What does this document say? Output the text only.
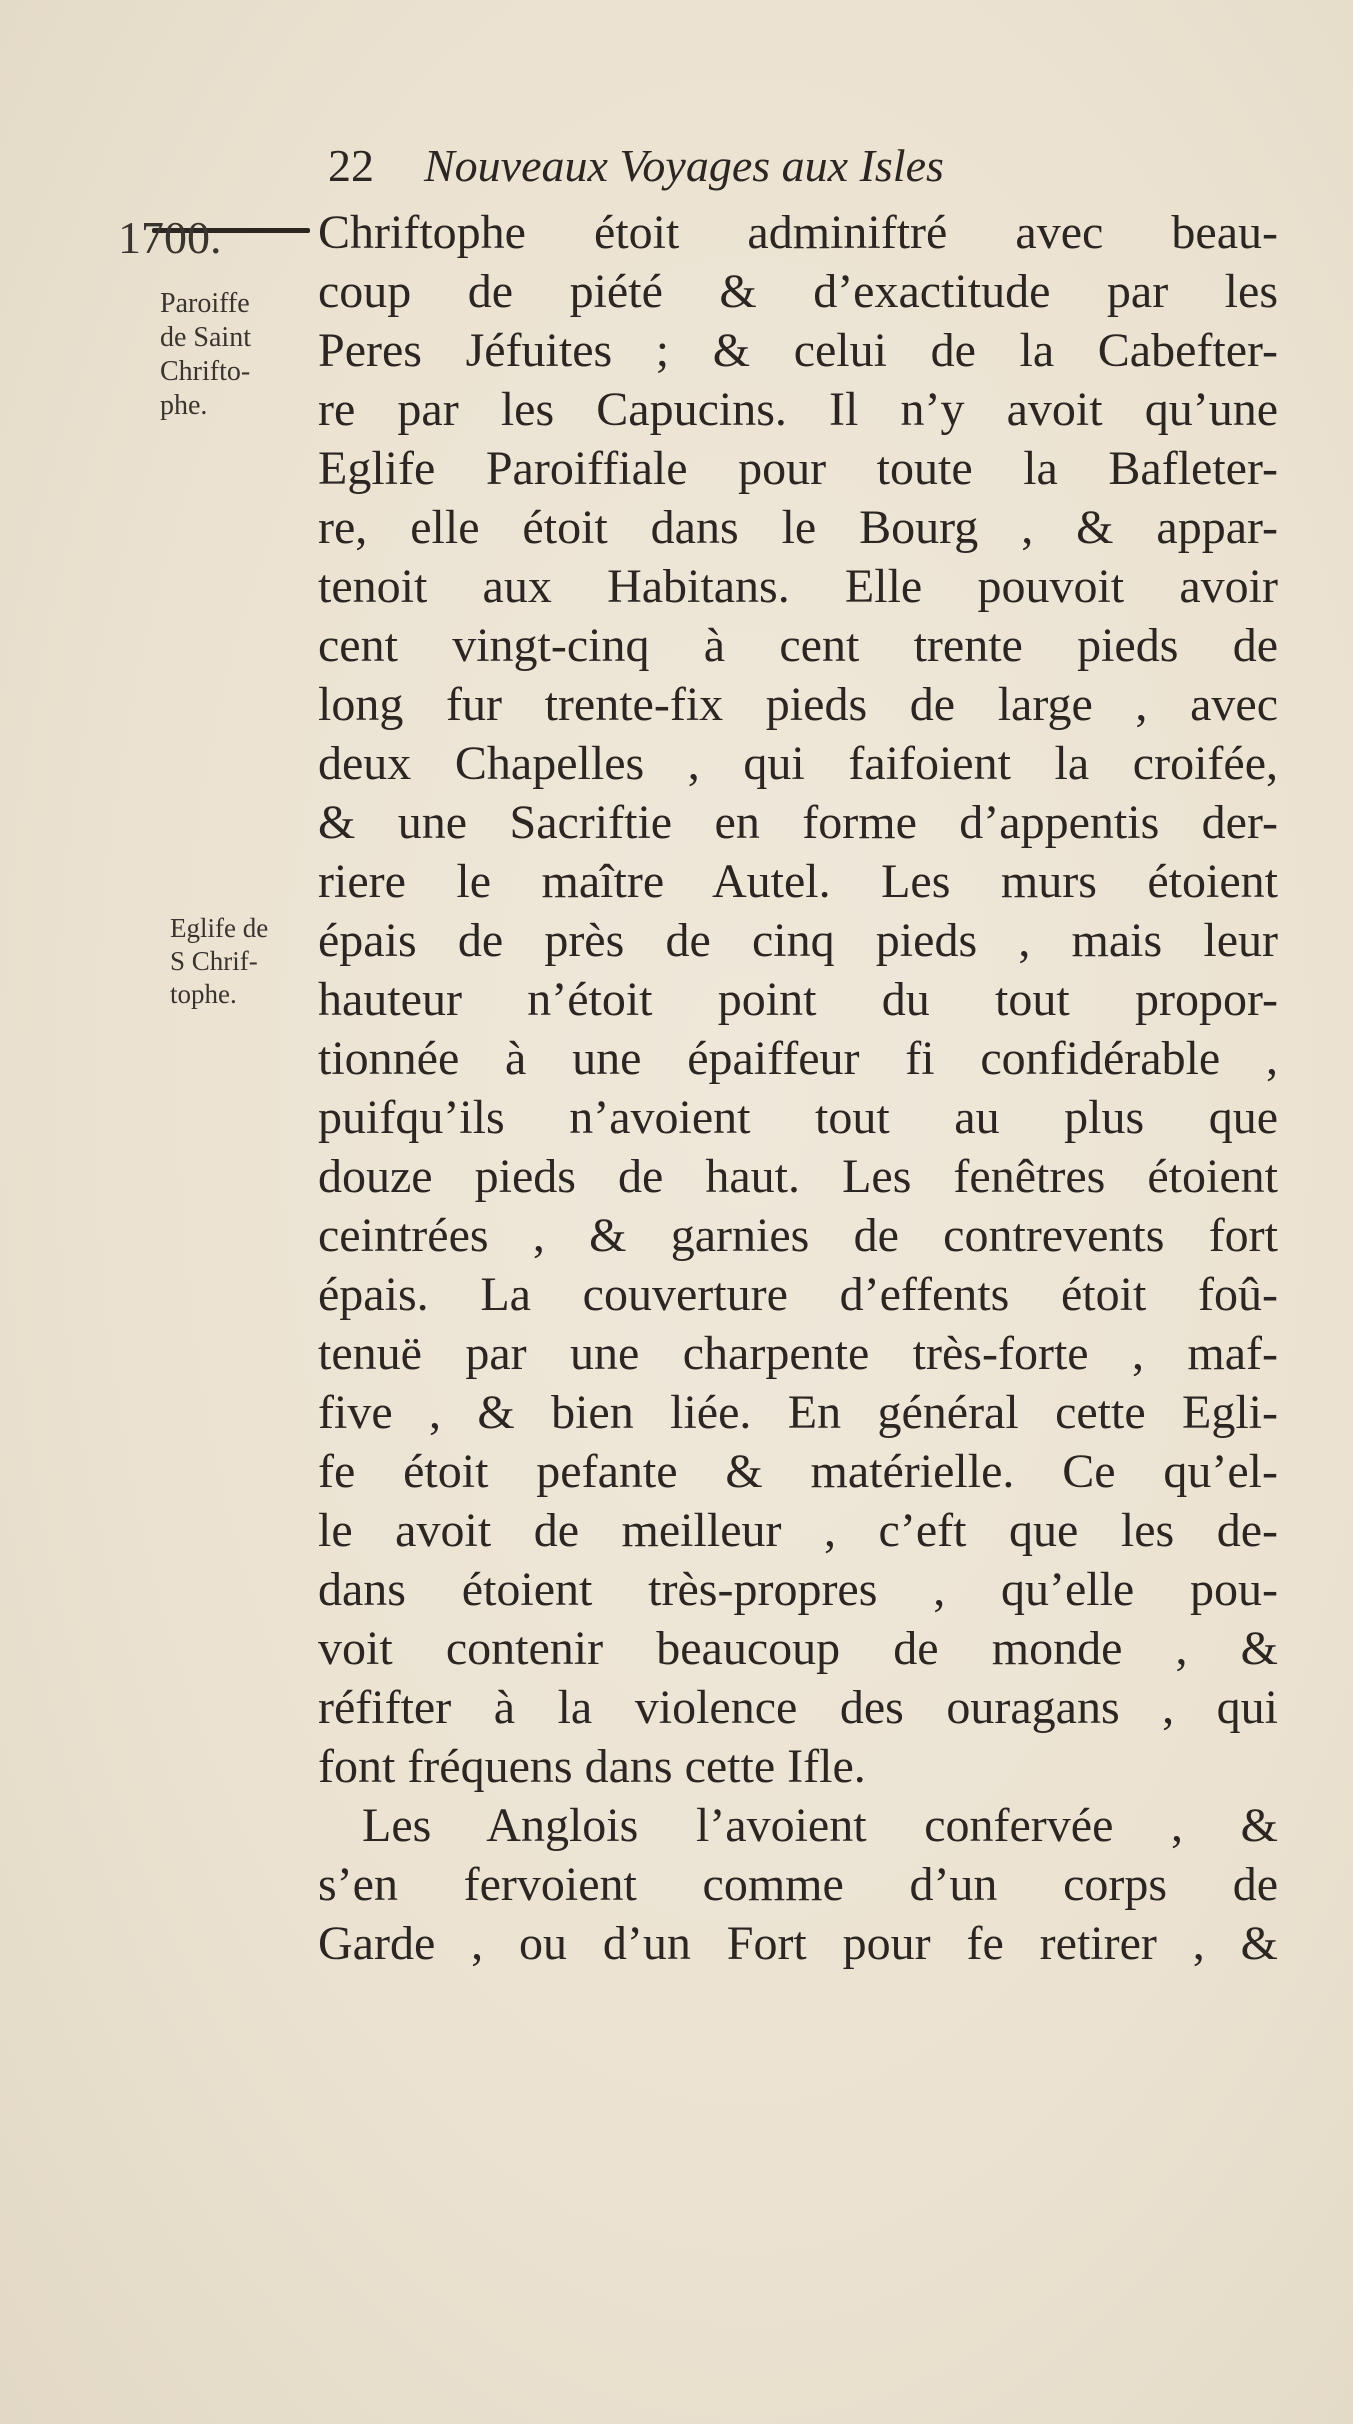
22 Nouveaux Voyages aux Isles
1700.
Paroiffe
de Saint
Chrifto-
phe.
Eglife de
S Chrif-
tophe.
Chriftophe étoit adminiftré avec beau-
coup de piété & d’exactitude par les
Peres Jéfuites ; & celui de la Cabefter-
re par les Capucins. Il n’y avoit qu’une
Eglife Paroiffiale pour toute la Bafleter-
re, elle étoit dans le Bourg , & appar-
tenoit aux Habitans. Elle pouvoit avoir
cent vingt-cinq à cent trente pieds de
long fur trente-fix pieds de large , avec
deux Chapelles , qui faifoient la croifée,
& une Sacriftie en forme d’appentis der-
riere le maître Autel. Les murs étoient
épais de près de cinq pieds , mais leur
hauteur n’étoit point du tout propor-
tionnée à une épaiffeur fi confidérable ,
puifqu’ils n’avoient tout au plus que
douze pieds de haut. Les fenêtres étoient
ceintrées , & garnies de contrevents fort
épais. La couverture d’effents étoit foû-
tenuë par une charpente très-forte , maf-
five , & bien liée. En général cette Egli-
fe étoit pefante & matérielle. Ce qu’el-
le avoit de meilleur , c’eft que les de-
dans étoient très-propres , qu’elle pou-
voit contenir beaucoup de monde , &
réfifter à la violence des ouragans , qui
font fréquens dans cette Ifle.
Les Anglois l’avoient confervée , &
s’en fervoient comme d’un corps de
Garde , ou d’un Fort pour fe retirer , &
